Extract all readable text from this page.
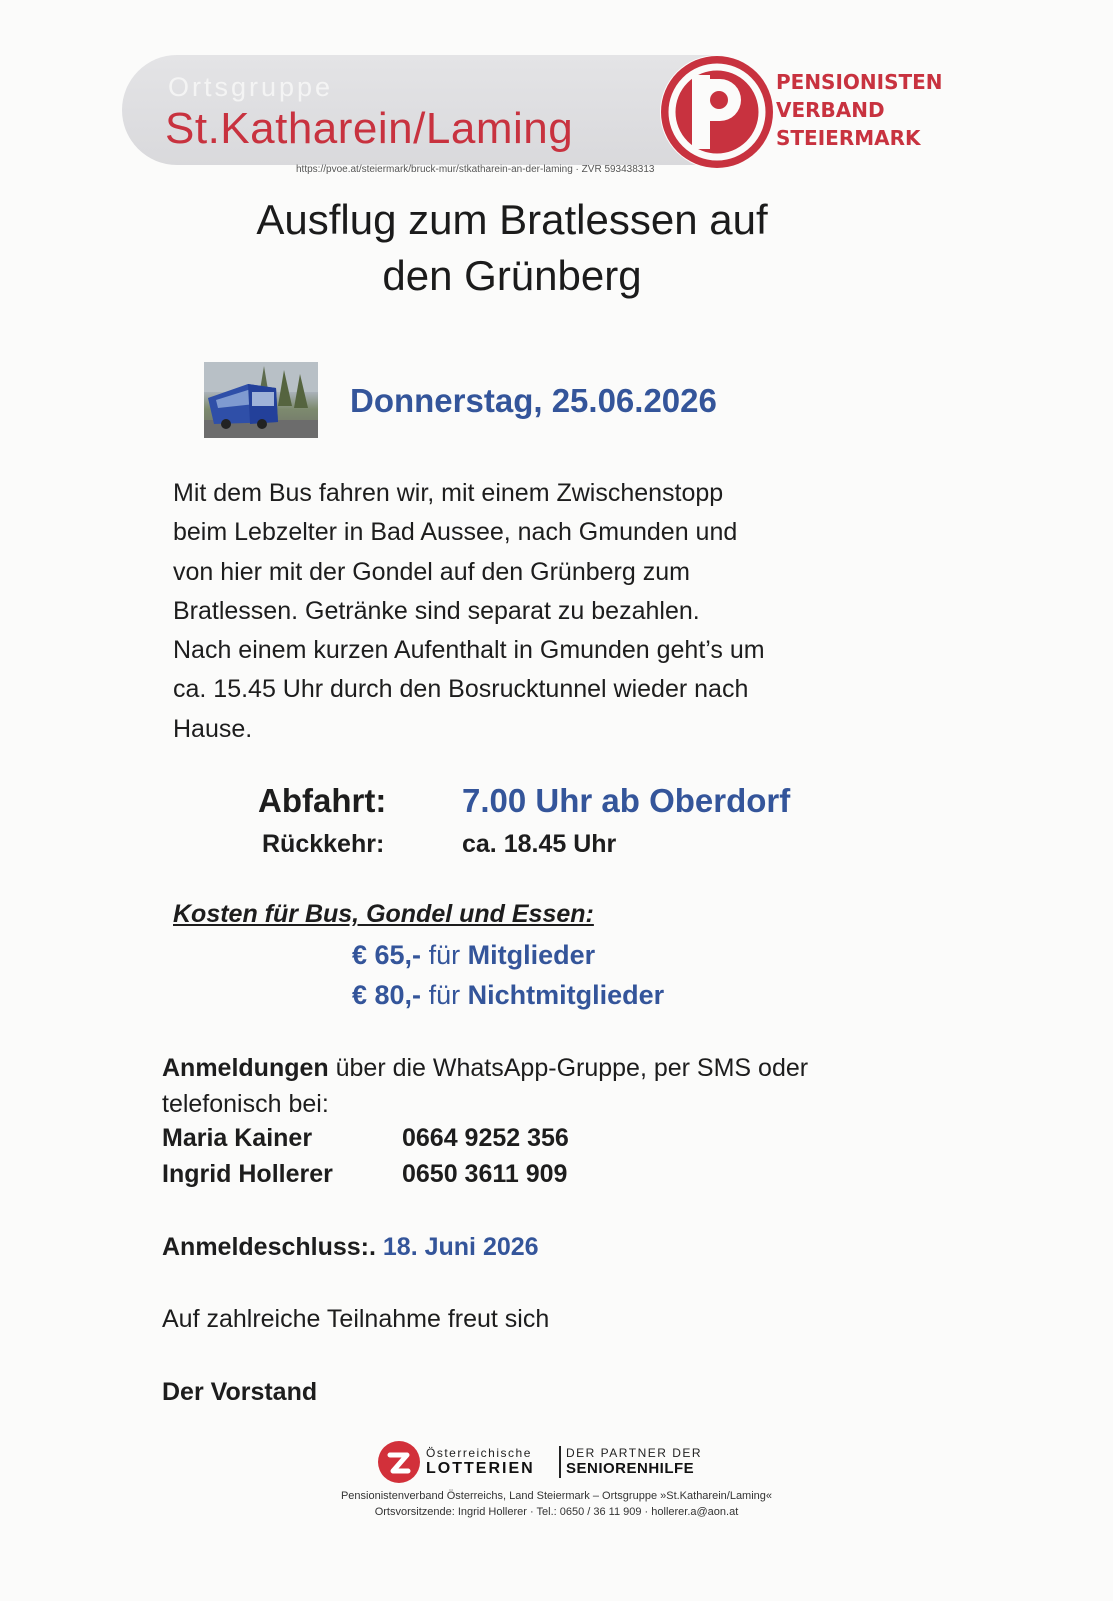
Ortsgruppe
St.Katharein/Laming
PENSIONISTEN
VERBAND
STEIERMARK
https://pvoe.at/steiermark/bruck-mur/stkatharein-an-der-laming · ZVR 593438313
Ausflug zum Bratlessen auf
den Grünberg
Donnerstag, 25.06.2026
Mit dem Bus fahren wir, mit einem Zwischenstopp
beim Lebzelter in Bad Aussee, nach Gmunden und
von hier mit der Gondel auf den Grünberg zum
Bratlessen. Getränke sind separat zu bezahlen.
Nach einem kurzen Aufenthalt in Gmunden geht’s um
ca. 15.45 Uhr durch den Bosrucktunnel wieder nach
Hause.
Abfahrt: 7.00 Uhr ab Oberdorf
Rückkehr:	ca. 18.45 Uhr
Kosten für Bus, Gondel und Essen:
€ 65,- für Mitglieder
€ 80,- für Nichtmitglieder
Anmeldungen über die WhatsApp-Gruppe, per SMS oder
telefonisch bei:
Maria Kainer	0664 9252 356
Ingrid Hollerer	0650 3611 909
Anmeldeschluss:. 18. Juni 2026
Auf zahlreiche Teilnahme freut sich
Der Vorstand
Österreichische
LOTTERIEN
DER PARTNER DER
SENIORENHILFE
Pensionistenverband Österreichs, Land Steiermark – Ortsgruppe »St.Katharein/Laming«
Ortsvorsitzende: Ingrid Hollerer · Tel.: 0650 / 36 11 909 · hollerer.a@aon.at
